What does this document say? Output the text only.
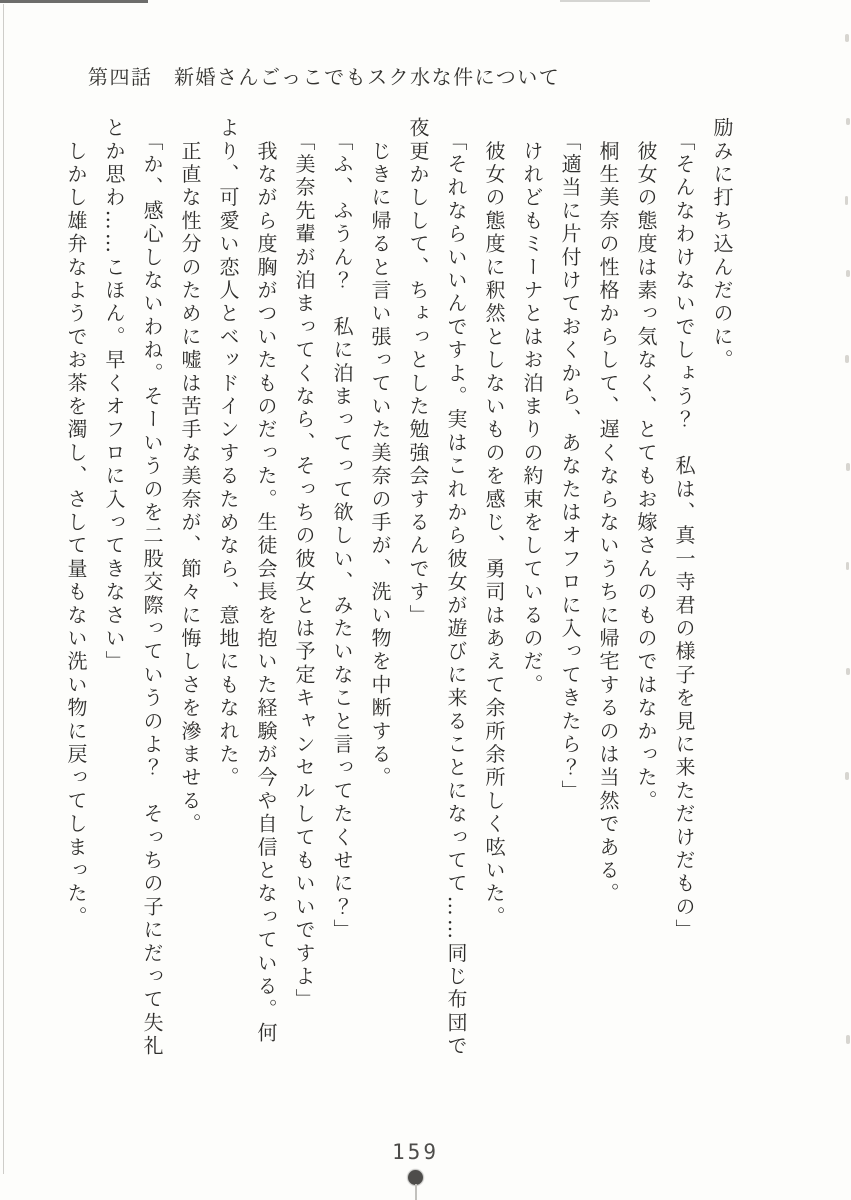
第四話　新婚さんごっこでもスク水な件について

励みに打ち込んだのに。

　「そんなわけないでしょう？　私は、真一寺君の様子を見に来ただけだもの」

　彼女の態度は素っ気なく、とてもお嫁さんのものではなかった。

　桐生美奈の性格からして、遅くならないうちに帰宅するのは当然である。

　「適当に片付けておくから、あなたはオフロに入ってきたら？」

　けれどもミーナとはお泊まりの約束をしているのだ。

　彼女の態度に釈然としないものを感じ、勇司はあえて余所余所しく呟いた。

　「それならいいんですよ。実はこれから彼女が遊びに来ることになってて……同じ布団で

夜更かしして、ちょっとした勉強会するんです」

　じきに帰ると言い張っていた美奈の手が、洗い物を中断する。

　「ふ、ふうん？　私に泊まってって欲しい、みたいなこと言ってたくせに？」

　「美奈先輩が泊まってくなら、そっちの彼女とは予定キャンセルしてもいいですよ」

　我ながら度胸がついたものだった。生徒会長を抱いた経験が今や自信となっている。何

より、可愛い恋人とベッドインするためなら、意地にもなれた。

　正直な性分のために嘘は苦手な美奈が、節々に悔しさを滲ませる。

　「か、感心しないわね。そーいうのを二股交際っていうのよ？　そっちの子にだって失礼

とか思わ……こほん。早くオフロに入ってきなさい」

　しかし雄弁なようでお茶を濁し、さして量もない洗い物に戻ってしまった。

159
